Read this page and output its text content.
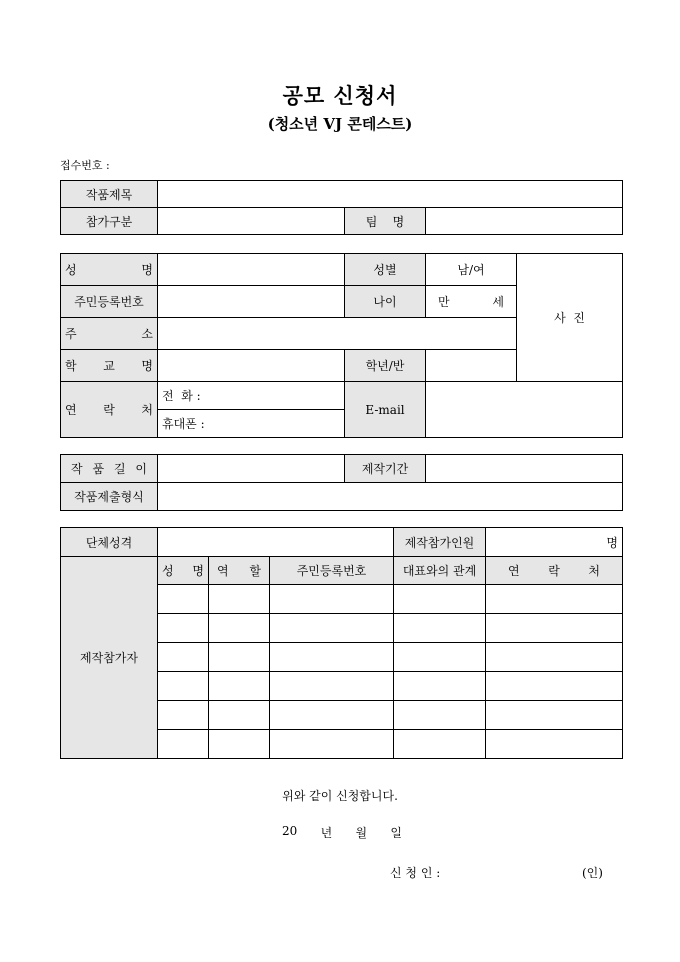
공모 신청서
(청소년 VJ 콘테스트)
접수번호 :
작품제목			
참가구분		팀    명	
성 명		성별	남/여	사  진
주민등록번호		나이	만 세	

주 소				

학 교 명		학년/반		

연 락 처	전  화 :	E-mail		
	휴대폰 :			
작 품 길 이		제작기간	
작품제출형식			
단체성격				제작참가인원	명
제작참가자	성 명	역 할	주민등록번호	대표와의 관계	연 락 처

위와 같이 신청합니다.
20 년 월 일
신 청 인 :	(인)
